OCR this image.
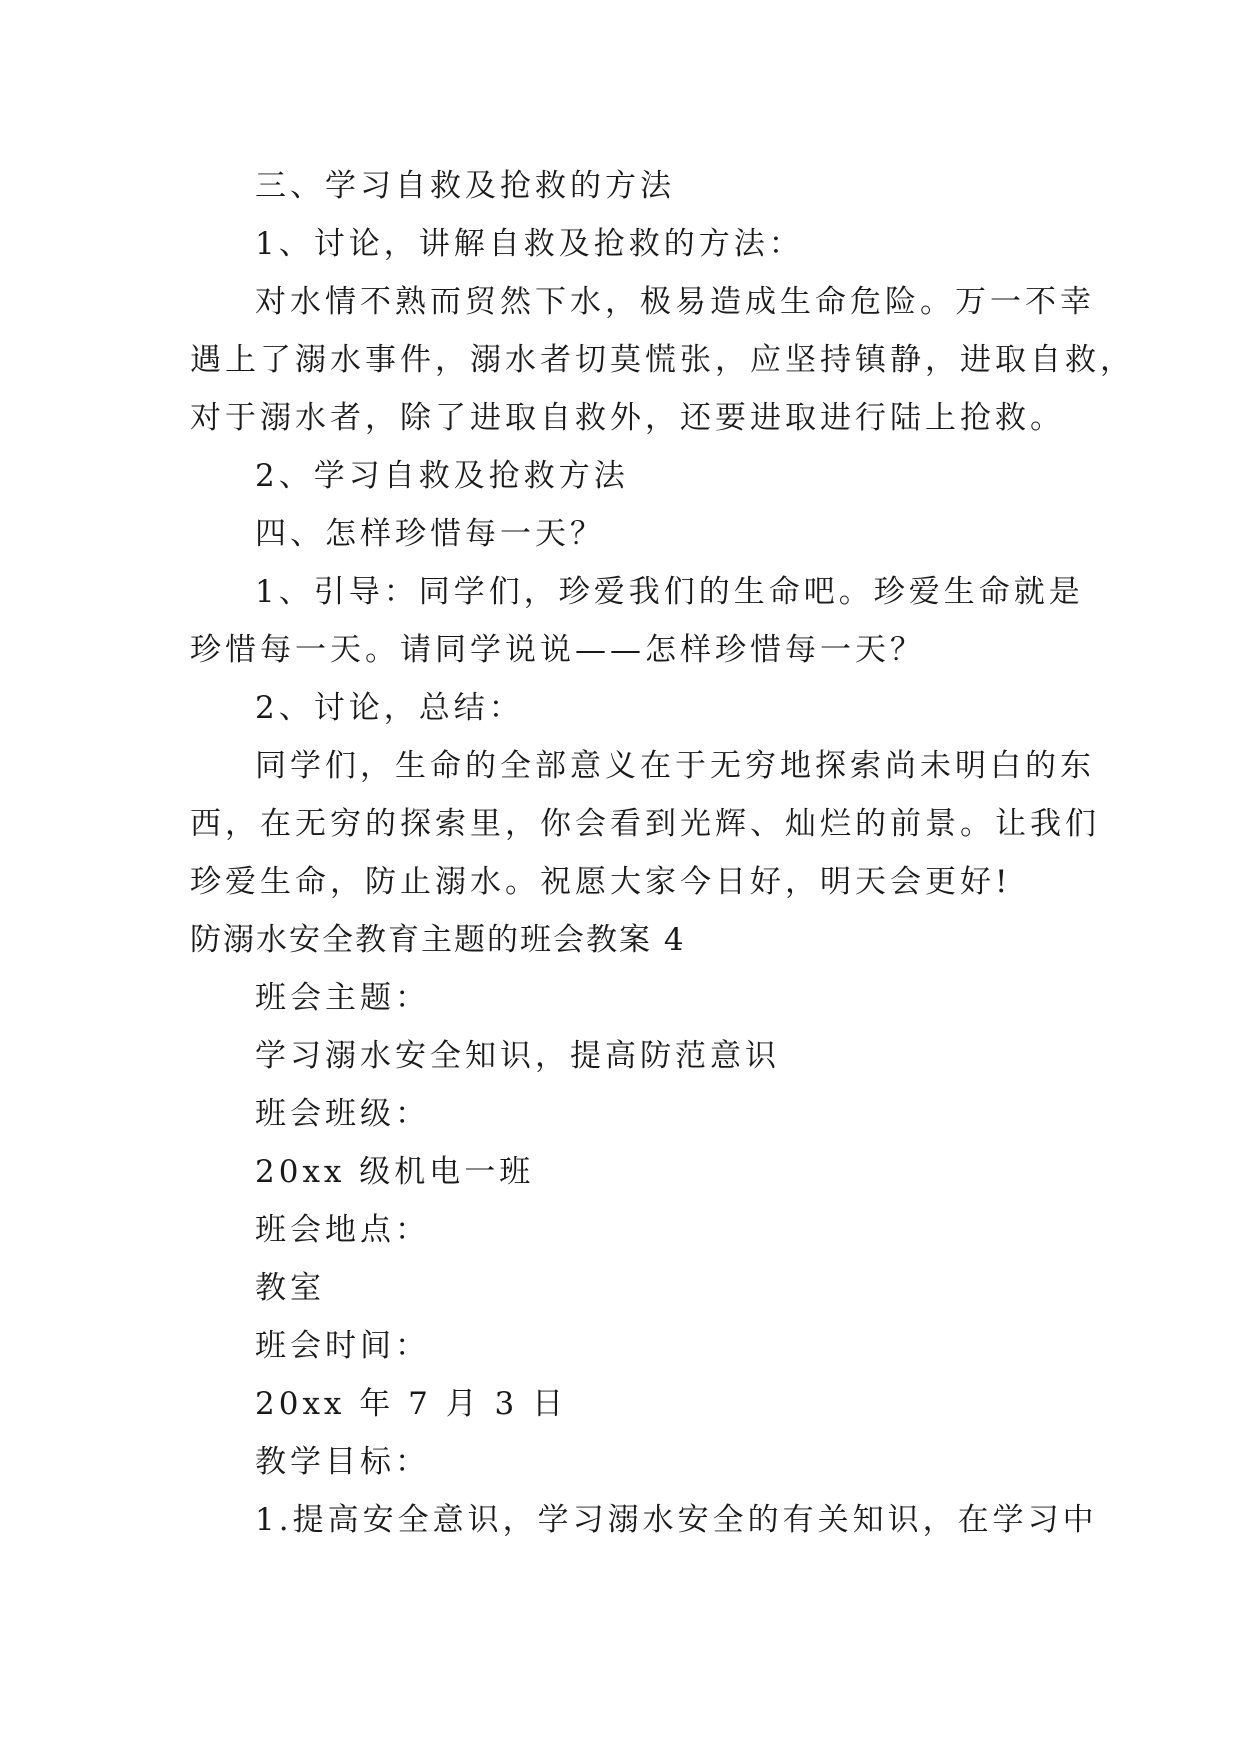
三、学习自救及抢救的方法
1、讨论，讲解自救及抢救的方法：
对水情不熟而贸然下水，极易造成生命危险。万一不幸
遇上了溺水事件，溺水者切莫慌张，应坚持镇静，进取自救，
对于溺水者，除了进取自救外，还要进取进行陆上抢救。
2、学习自救及抢救方法
四、怎样珍惜每一天？
1、引导：同学们，珍爱我们的生命吧。珍爱生命就是
珍惜每一天。请同学说说——怎样珍惜每一天？
2、讨论，总结：
同学们，生命的全部意义在于无穷地探索尚未明白的东
西，在无穷的探索里，你会看到光辉、灿烂的前景。让我们
珍爱生命，防止溺水。祝愿大家今日好，明天会更好!
防溺水安全教育主题的班会教案 4
班会主题：
学习溺水安全知识，提高防范意识
班会班级：
20xx 级机电一班
班会地点：
教室
班会时间：
20xx 年 7 月 3 日
教学目标：
1.提高安全意识，学习溺水安全的有关知识，在学习中
